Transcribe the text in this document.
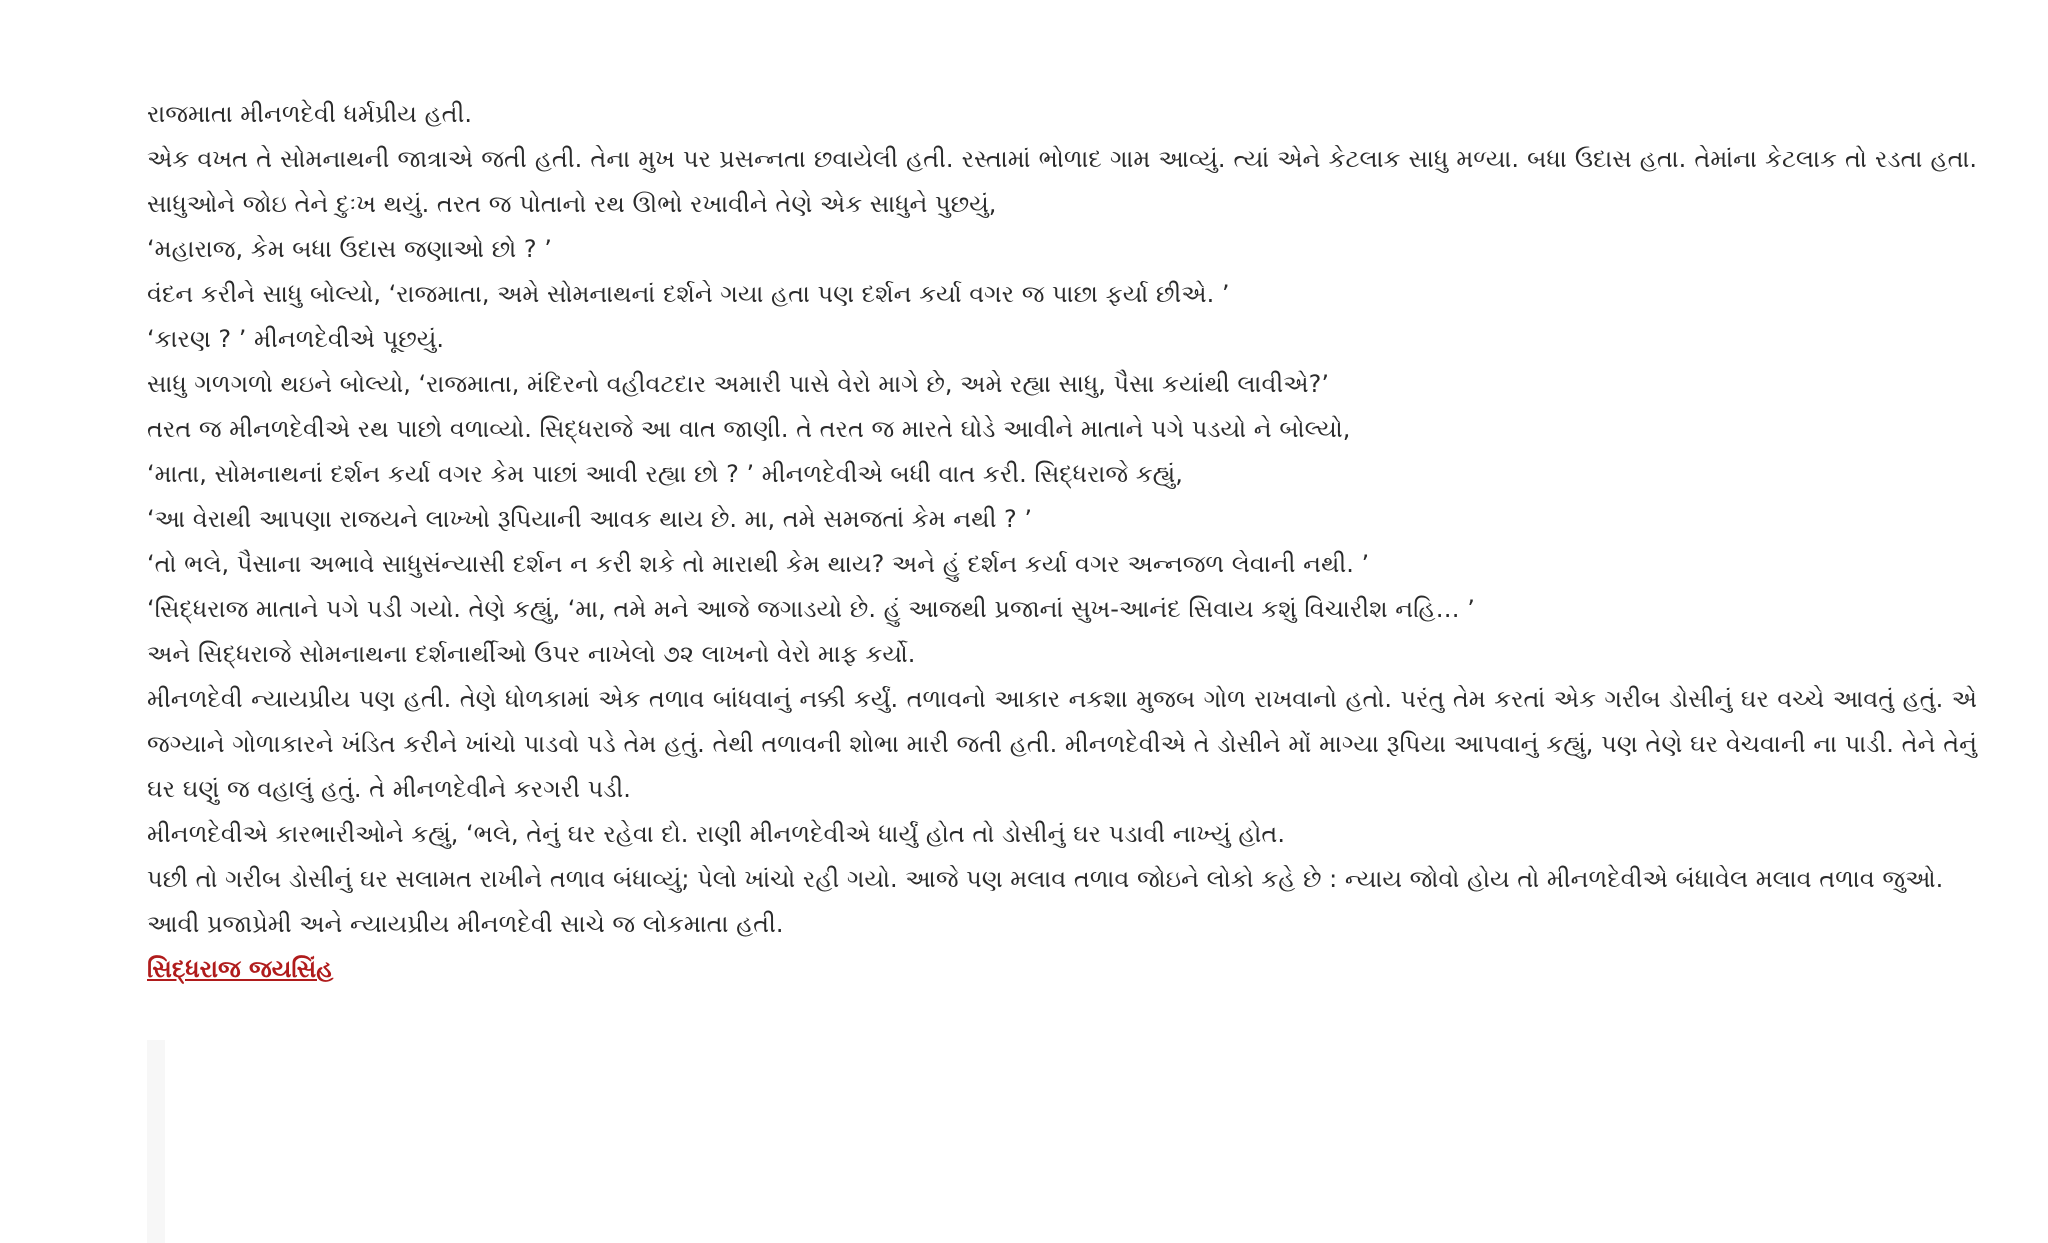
રાજમાતા મીનળદેવી ધર્મપ્રીય હતી.

એક વખત તે સોમનાથની જાત્રાએ જતી હતી. તેના મુખ પર પ્રસન્નતા છવાયેલી હતી. રસ્તામાં ભોળાદ ગામ આવ્યું. ત્યાં એને કેટલાક સાધુ મળ્યા. બધા ઉદાસ હતા. તેમાંના કેટલાક તો રડતા હતા. સાધુઓને જોઇ તેને દુઃખ થયું. તરત જ પોતાનો રથ ઊભો રખાવીને તેણે એક સાધુને પુછયું,

‘મહારાજ, કેમ બધા ઉદાસ જણાઓ છો ? ’

વંદન કરીને સાધુ બોલ્યો, ‘રાજમાતા, અમે સોમનાથનાં દર્શને ગયા હતા પણ દર્શન કર્યા વગર જ પાછા ફર્યા છીએ. ’

‘કારણ ? ’ મીનળદેવીએ પૂછયું.

સાધુ ગળગળો થઇને બોલ્યો, ‘રાજમાતા, મંદિરનો વહીવટદાર અમારી પાસે વેરો માગે છે, અમે રહ્યા સાધુ, પૈસા કયાંથી લાવીએ?’

તરત જ મીનળદેવીએ રથ પાછો વળાવ્યો. સિદ્ધરાજે આ વાત જાણી. તે તરત જ મારતે ઘોડે આવીને માતાને પગે પડયો ને બોલ્યો,

‘માતા, સોમનાથનાં દર્શન કર્યા વગર કેમ પાછાં આવી રહ્યા છો ? ’ મીનળદેવીએ બધી વાત કરી. સિદ્ધરાજે કહ્યું,

‘આ વેરાથી આપણા રાજયને લાખ્ખો રૂપિયાની આવક થાય છે. મા, તમે સમજતાં કેમ નથી ? ’

‘તો ભલે, પૈસાના અભાવે સાધુસંન્યાસી દર્શન ન કરી શકે તો મારાથી કેમ થાય? અને હું દર્શન કર્યા વગર અન્નજળ લેવાની નથી. ’

‘સિદ્ધરાજ માતાને પગે પડી ગયો. તેણે કહ્યું, ‘મા, તમે મને આજે જગાડયો છે. હું આજથી પ્રજાનાં સુખ-આનંદ સિવાય કશું વિચારીશ નહિ… ’

અને સિદ્ધરાજે સોમનાથના દર્શનાર્થીઓ ઉપર નાખેલો ૭૨ લાખનો વેરો માફ કર્યો.

મીનળદેવી ન્યાયપ્રીય પણ હતી. તેણે ધોળકામાં એક તળાવ બાંધવાનું નક્કી કર્યું. તળાવનો આકાર નકશા મુજબ ગોળ રાખવાનો હતો. પરંતુ તેમ કરતાં એક ગરીબ ડોસીનું ઘર વચ્ચે આવતું હતું. એ જગ્યાને ગોળાકારને ખંડિત કરીને ખાંચો પાડવો પડે તેમ હતું. તેથી તળાવની શોભા મારી જતી હતી. મીનળદેવીએ તે ડોસીને મોં માગ્યા રૂપિયા આપવાનું કહ્યું, પણ તેણે ઘર વેચવાની ના પાડી. તેને તેનું ઘર ઘણું જ વહાલું હતું. તે મીનળદેવીને કરગરી પડી.

મીનળદેવીએ કારભારીઓને કહ્યું, ‘ભલે, તેનું ઘર રહેવા દો. રાણી મીનળદેવીએ ધાર્યું હોત તો ડોસીનું ઘર પડાવી નાખ્યું હોત.

પછી તો ગરીબ ડોસીનું ઘર સલામત રાખીને તળાવ બંધાવ્યું; પેલો ખાંચો રહી ગયો. આજે પણ મલાવ તળાવ જોઇને લોકો કહે છે : ન્યાય જોવો હોય તો મીનળદેવીએ બંધાવેલ મલાવ તળાવ જુઓ.

આવી પ્રજાપ્રેમી અને ન્યાયપ્રીય મીનળદેવી સાચે જ લોકમાતા હતી.

સિદ્ધરાજ જયસિંહ
